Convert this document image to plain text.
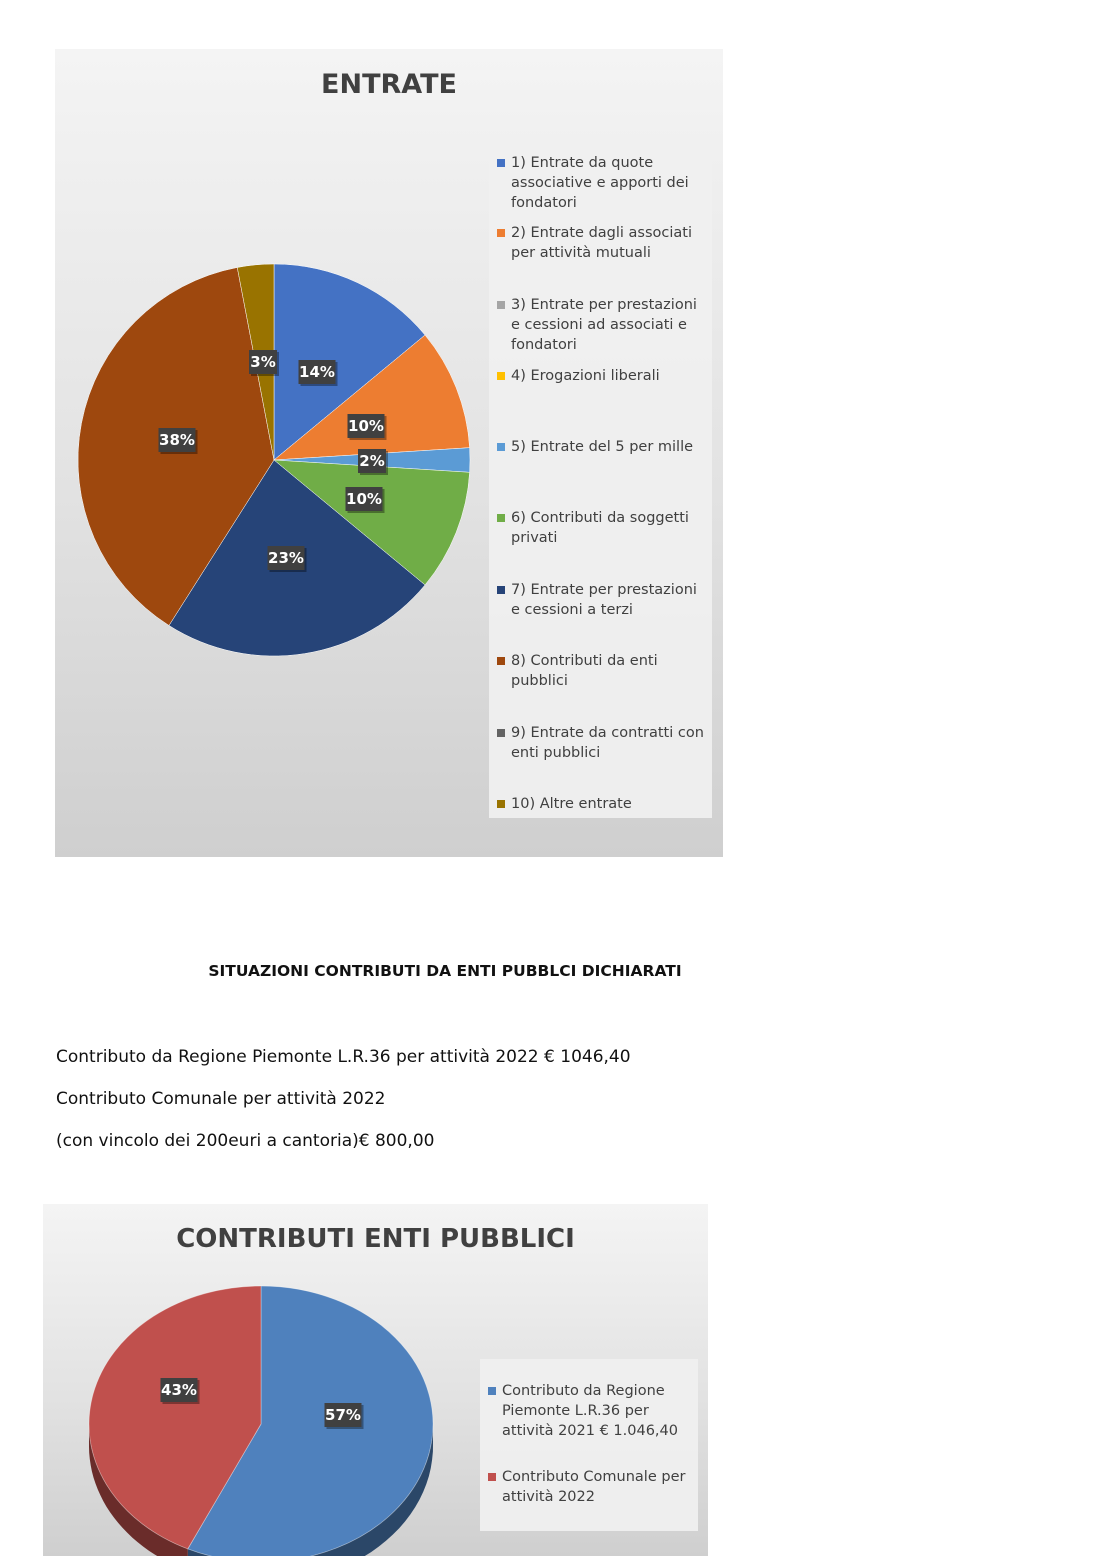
ENTRATE
14%
10%
2%
10%
23%
38%
3%
1) Entrate da quote associative e apporti dei fondatori
2) Entrate dagli associati per attività mutuali
3) Entrate per prestazioni e cessioni ad associati e fondatori
4) Erogazioni liberali
5) Entrate del 5 per mille
6) Contributi da soggetti privati
7) Entrate per prestazioni e cessioni a terzi
8) Contributi da enti pubblici
9) Entrate da contratti con enti pubblici
10) Altre entrate
SITUAZIONI CONTRIBUTI DA ENTI PUBBLCI DICHIARATI
Contributo da Regione Piemonte L.R.36 per attività 2022 € 1046,40
Contributo Comunale per attività 2022
(con vincolo dei 200euri a cantoria)€ 800,00
CONTRIBUTI ENTI PUBBLICI
57%
43%	Contributo da Regione Piemonte L.R.36 per attività 2021 € 1.046,40
Contributo Comunale per attività 2022
